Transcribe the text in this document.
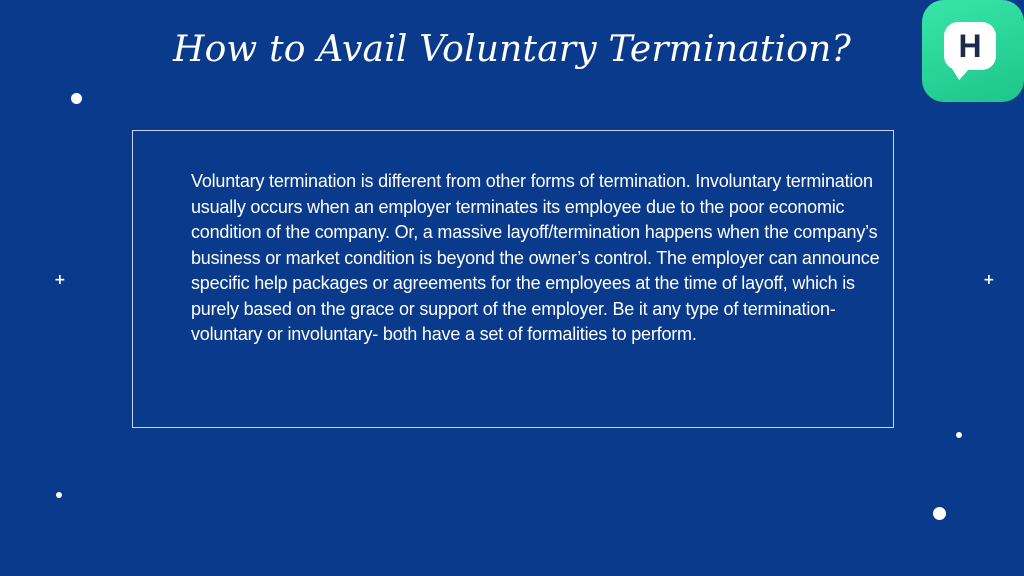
How to Avail Voluntary Termination?	H

Voluntary termination is different from other forms of termination. Involuntary termination usually occurs when an employer terminates its employee due to the poor economic condition of the company. Or, a massive layoff/termination happens when the company’s business or market condition is beyond the owner’s control. The employer can announce specific help packages or agreements for the employees at the time of layoff, which is purely based on the grace or support of the employer. Be it any type of termination- voluntary or involuntary- both have a set of formalities to perform.

+	+
